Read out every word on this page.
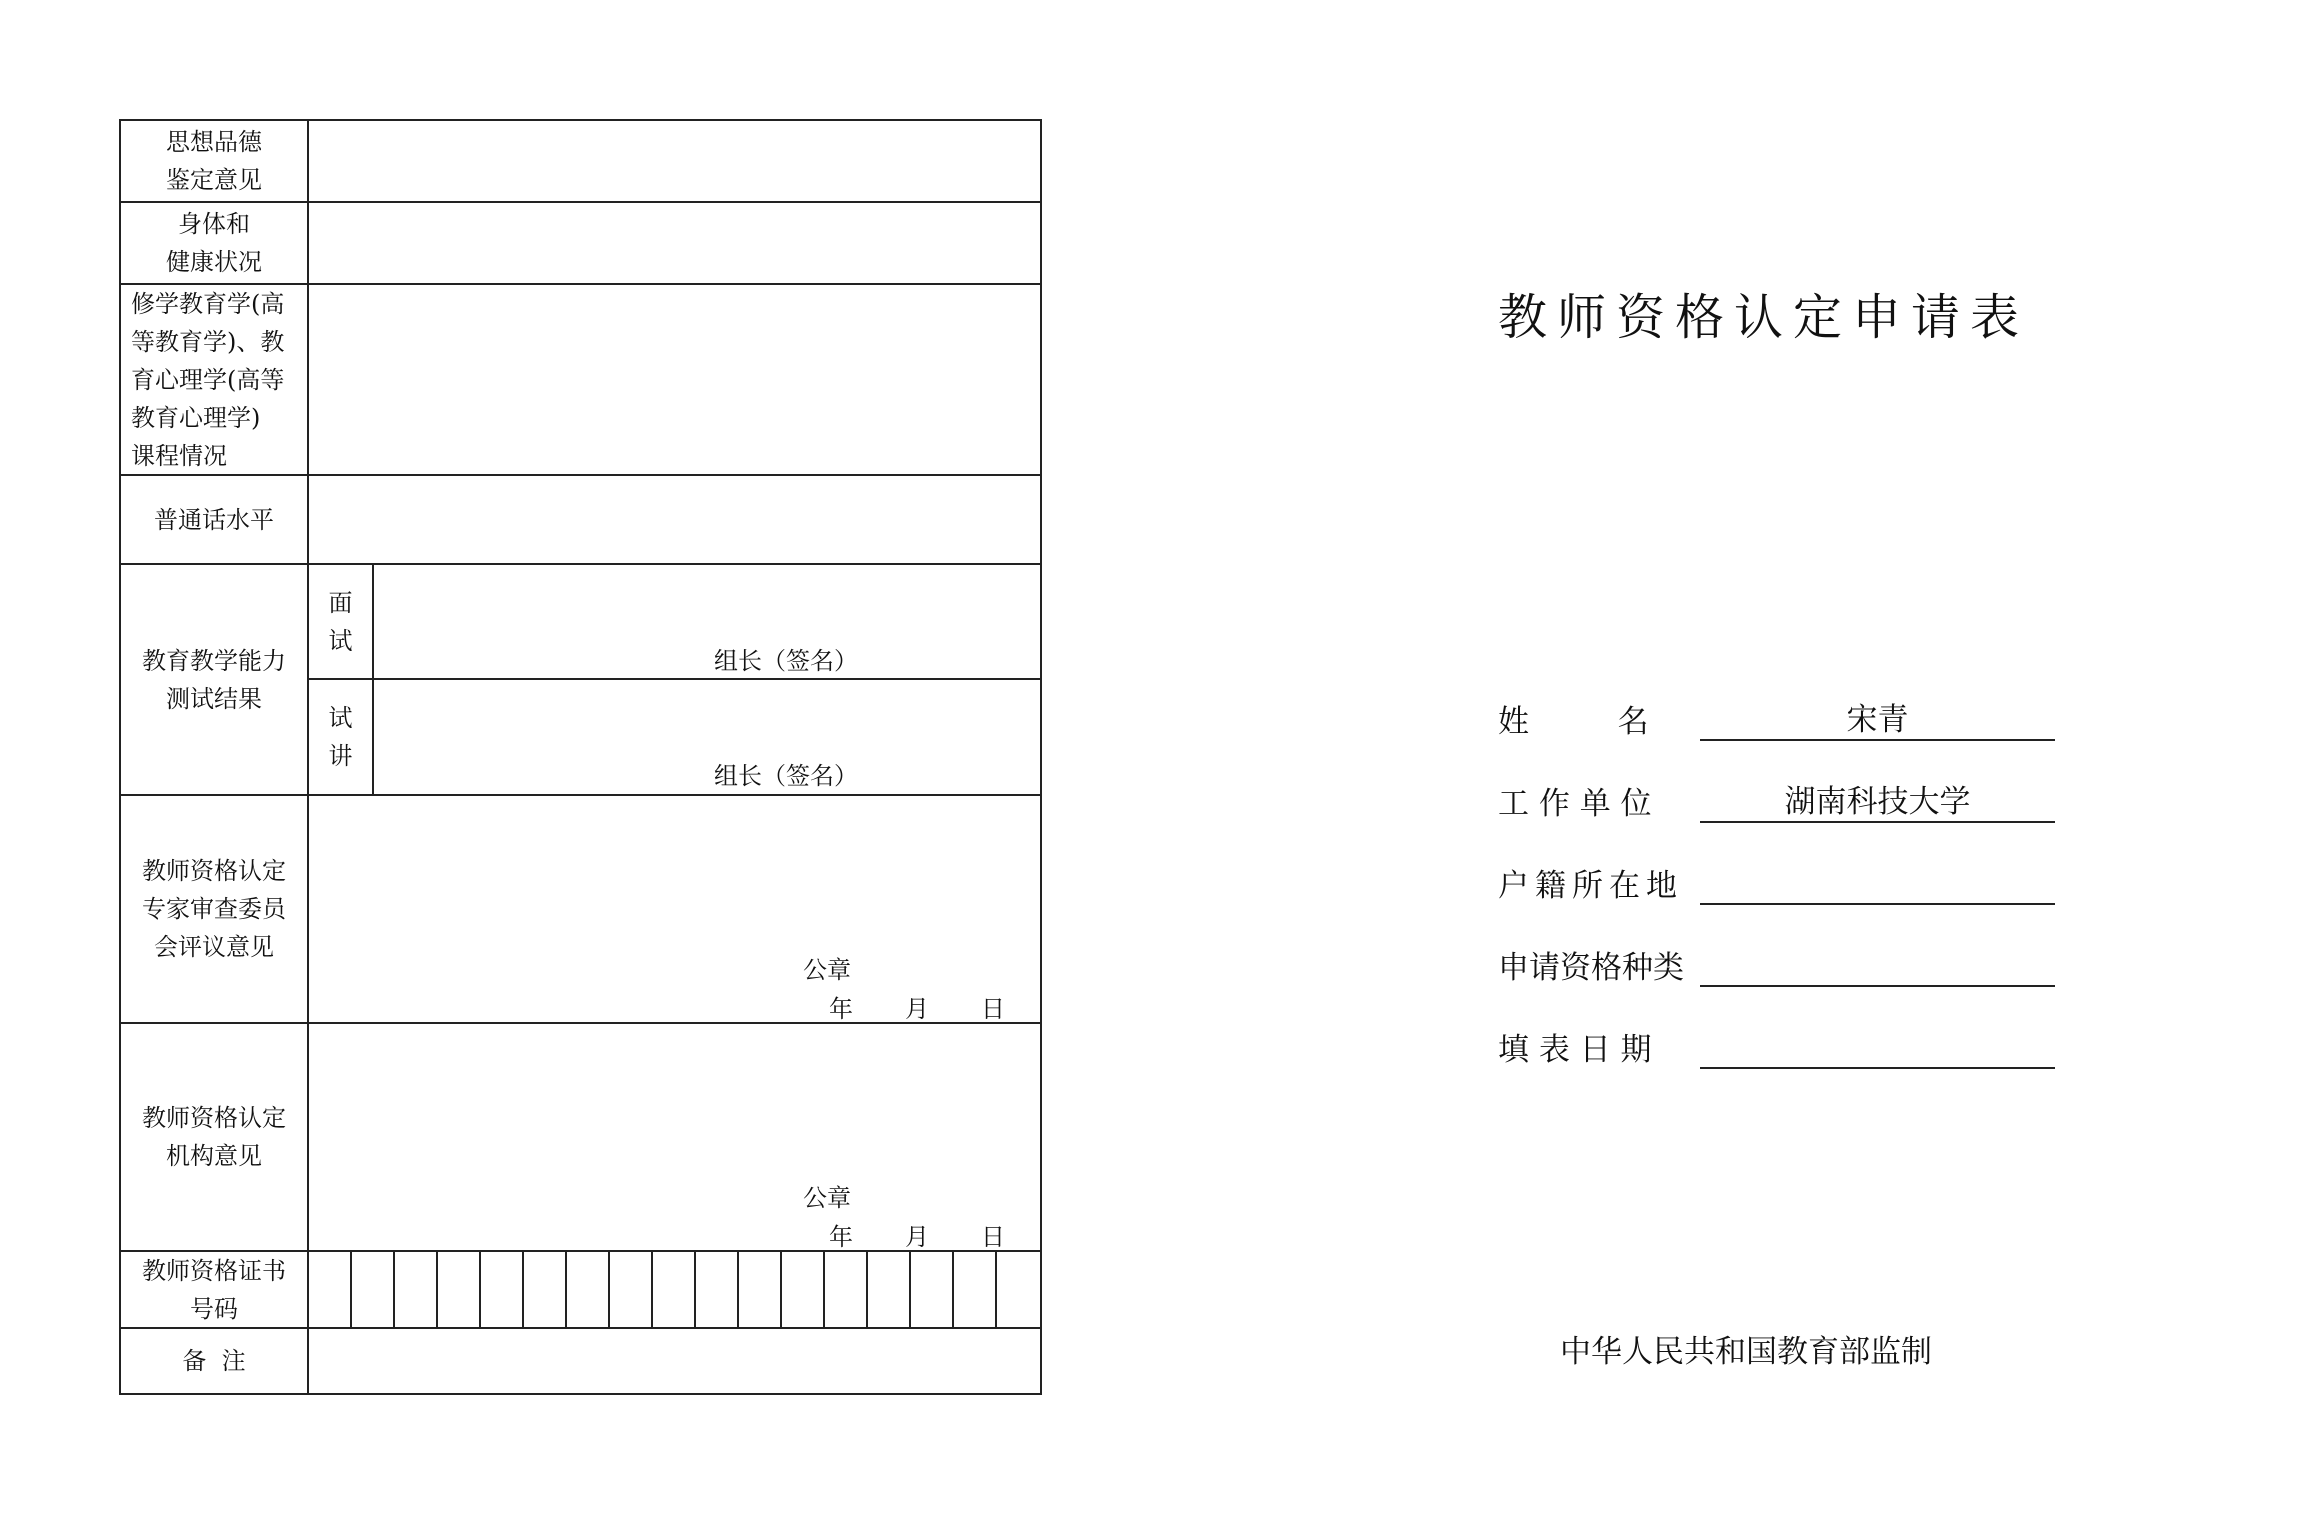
思想品德
鉴定意见
身体和
健康状况
修学教育学(高
等教育学)、教
育心理学(高等
教育心理学)
课程情况
普通话水平
教育教学能力
测试结果
面
试
试
讲
组长（签名）
组长（签名）
教师资格认定
专家审查委员
会评议意见
公章
年 月 日
教师资格认定
机构意见
公章
年 月 日
教师资格证书
号码
备  注
教师资格认定申请表
姓         名	宋青
工 作 单 位	湖南科技大学
户籍所在地
申请资格种类
填 表 日 期
中华人民共和国教育部监制
